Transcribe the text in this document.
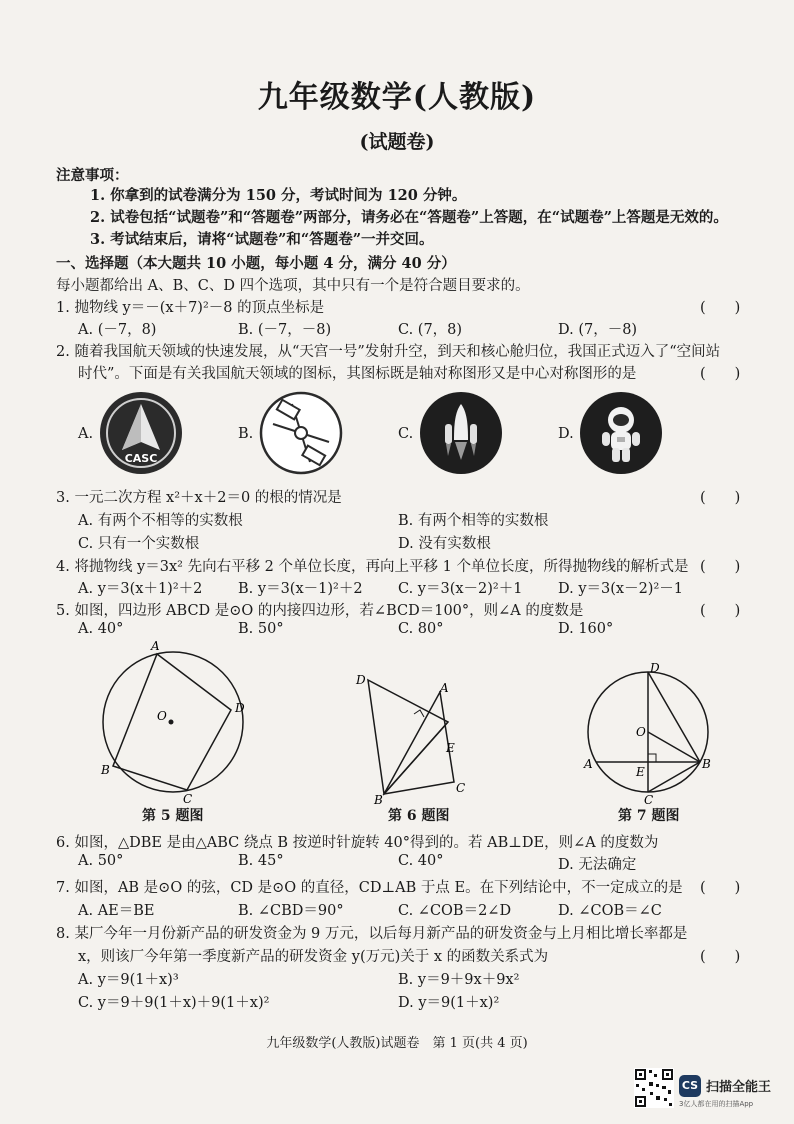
九年级数学(人教版)
(试题卷)
注意事项：
1. 你拿到的试卷满分为 150 分，考试时间为 120 分钟。
2. 试卷包括“试题卷”和“答题卷”两部分，请务必在“答题卷”上答题，在“试题卷”上答题是无效的。
3. 考试结束后，请将“试题卷”和“答题卷”一并交回。
一、选择题（本大题共 10 小题，每小题 4 分，满分 40 分）
每小题都给出 A、B、C、D 四个选项，其中只有一个是符合题目要求的。
1. 抛物线 y＝－(x＋7)²－8 的顶点坐标是	(　　)
A. (－7，8)	B. (－7，－8)	C. (7，8)	D. (7，－8)
2. 随着我国航天领域的快速发展，从“天宫一号”发射升空，到天和核心舱归位，我国正式迈入了“空间站
时代”。下面是有关我国航天领域的图标，其图标既是轴对称图形又是中心对称图形的是	(　　)
A.	B.	C.	D.
CASC
3. 一元二次方程 x²＋x＋2＝0 的根的情况是	(　　)
A. 有两个不相等的实数根	B. 有两个相等的实数根
C. 只有一个实数根	D. 没有实数根
4. 将抛物线 y＝3x² 先向右平移 2 个单位长度，再向上平移 1 个单位长度，所得抛物线的解析式是 (　　)
A. y＝3(x＋1)²＋2 B. y＝3(x－1)²＋2 C. y＝3(x－2)²＋1 D. y＝3(x－2)²－1
5. 如图，四边形 ABCD 是⊙O 的内接四边形，若∠BCD＝100°，则∠A 的度数是	(　　)
A. 40°	B. 50°	C. 80°	D. 160°
A
D
C
B
O
第 5 题图
D
A
E
C
B
第 6 题图
D
O
A
E
B
C
第 7 题图
6. 如图，△DBE 是由△ABC 绕点 B 按逆时针旋转 40°得到的。若 AB⊥DE，则∠A 的度数为
A. 50°	B. 45°	C. 40°	D. 无法确定
7. 如图，AB 是⊙O 的弦，CD 是⊙O 的直径，CD⊥AB 于点 E。在下列结论中，不一定成立的是 (　　)
A. AE＝BE	B. ∠CBD＝90°	C. ∠COB＝2∠D	D. ∠COB＝∠C
8. 某厂今年一月份新产品的研发资金为 9 万元，以后每月新产品的研发资金与上月相比增长率都是
x，则该厂今年第一季度新产品的研发资金 y(万元)关于 x 的函数关系式为	(　　)
A. y＝9(1＋x)³	B. y＝9＋9x＋9x²
C. y＝9＋9(1＋x)＋9(1＋x)²	D. y＝9(1＋x)²
九年级数学(人教版)试题卷　第 1 页(共 4 页)
CS 扫描全能王
3亿人都在用的扫描App
